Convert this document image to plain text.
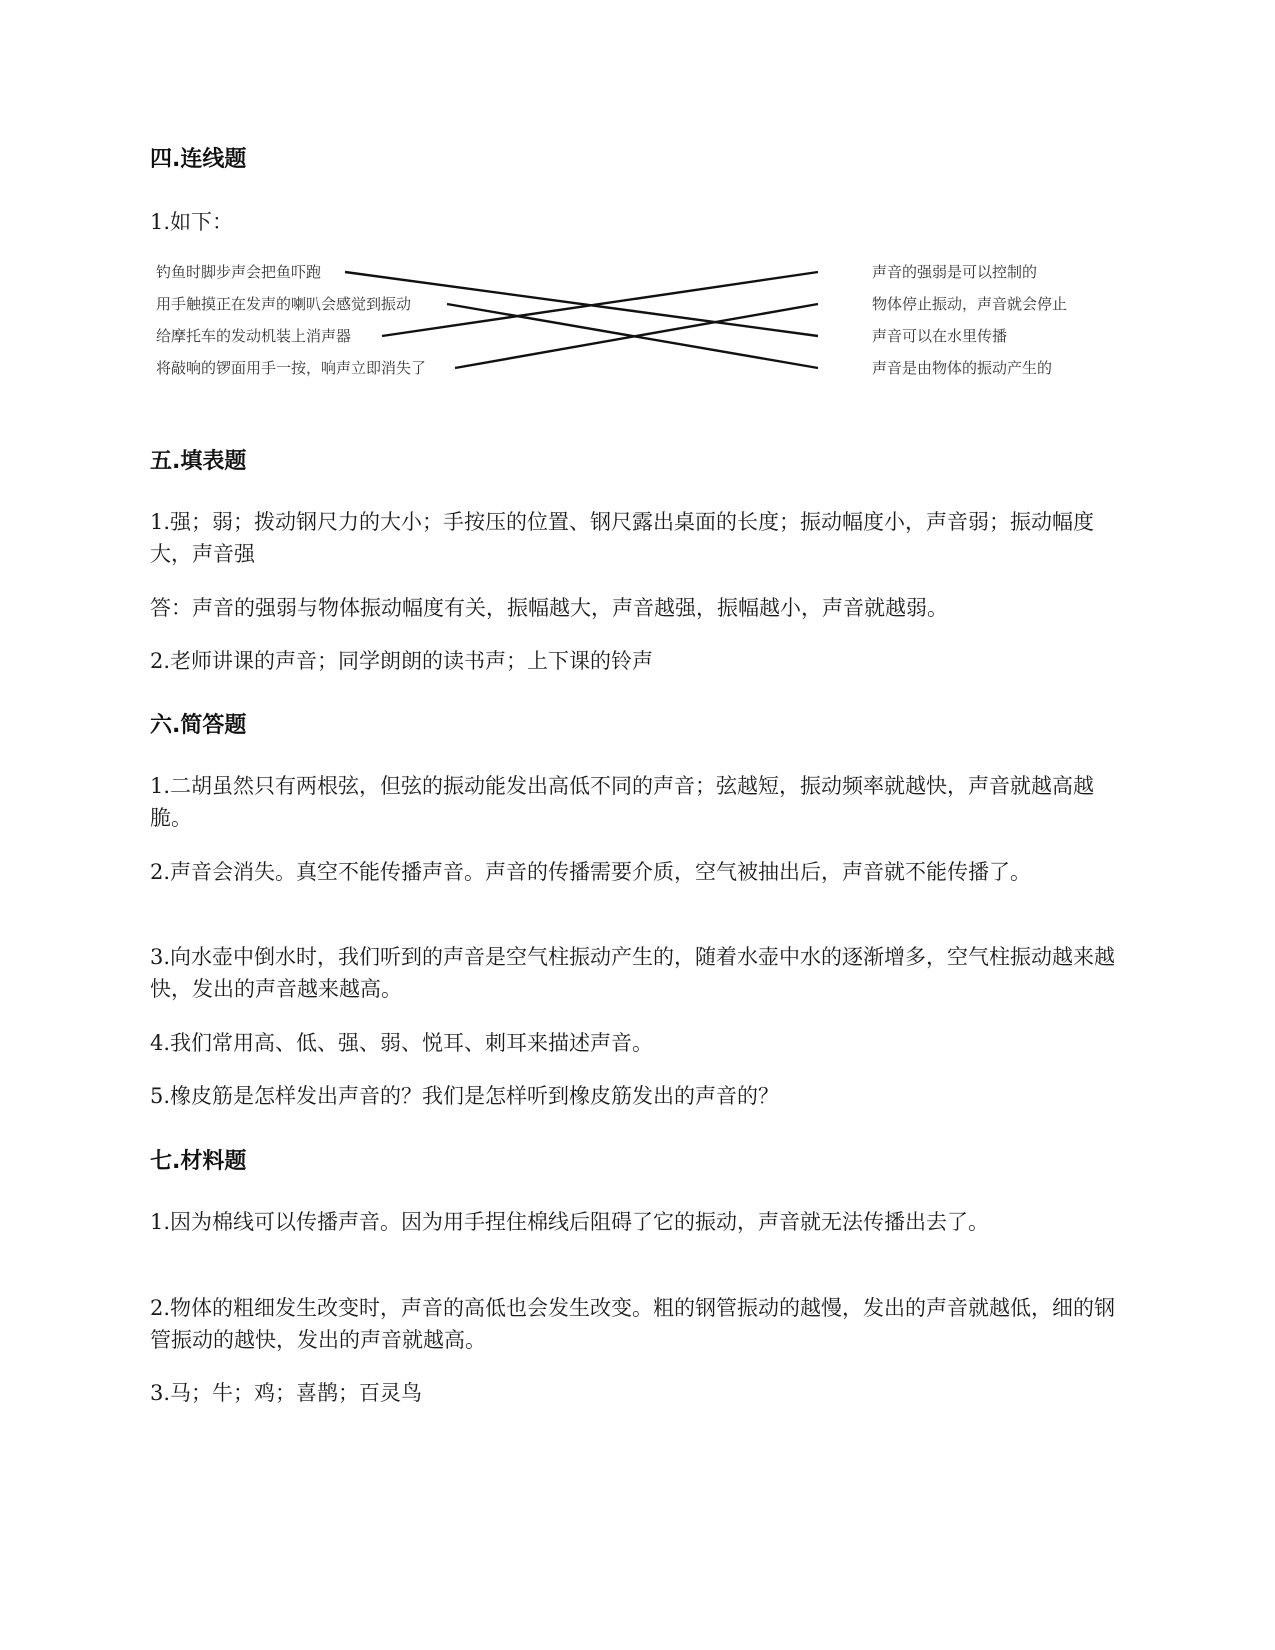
四.连线题

1.如下：

钓鱼时脚步声会把鱼吓跑
用手触摸正在发声的喇叭会感觉到振动
给摩托车的发动机装上消声器
将敲响的锣面用手一按，响声立即消失了
声音的强弱是可以控制的
物体停止振动，声音就会停止
声音可以在水里传播
声音是由物体的振动产生的
五.填表题

1.强；弱；拨动钢尺力的大小；手按压的位置、钢尺露出桌面的长度；振动幅度小，声音弱；振动幅度大，声音强

答：声音的强弱与物体振动幅度有关，振幅越大，声音越强，振幅越小，声音就越弱。

2.老师讲课的声音；同学朗朗的读书声；上下课的铃声

六.简答题

1.二胡虽然只有两根弦，但弦的振动能发出高低不同的声音；弦越短，振动频率就越快，声音就越高越脆。

2.声音会消失。真空不能传播声音。声音的传播需要介质，空气被抽出后，声音就不能传播了。

3.向水壶中倒水时，我们听到的声音是空气柱振动产生的，随着水壶中水的逐渐增多，空气柱振动越来越快，发出的声音越来越高。

4.我们常用高、低、强、弱、悦耳、刺耳来描述声音。

5.橡皮筋是怎样发出声音的？我们是怎样听到橡皮筋发出的声音的？

七.材料题

1.因为棉线可以传播声音。因为用手捏住棉线后阻碍了它的振动，声音就无法传播出去了。

2.物体的粗细发生改变时，声音的高低也会发生改变。粗的钢管振动的越慢，发出的声音就越低，细的钢管振动的越快，发出的声音就越高。

3.马；牛；鸡；喜鹊；百灵鸟
